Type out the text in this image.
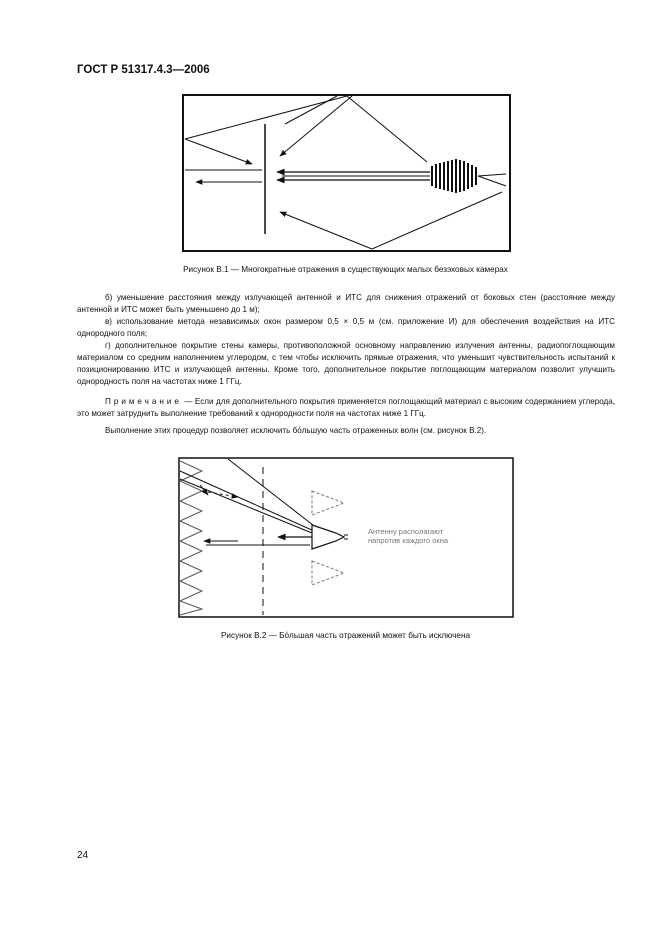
ГОСТ Р 51317.4.3—2006
Рисунок В.1 — Многократные отражения в существующих малых безэховых камерах
б) уменьшение расстояния между излучающей антенной и ИТС для снижения отражений от боковых стен (расстояние между антенной и ИТС может быть уменьшено до 1 м);
в) использование метода независимых окон размером 0,5 × 0,5 м (см. приложение И) для обеспечения воздействия на ИТС однородного поля;
г) дополнительное покрытие стены камеры, противоположной основному направлению излучения антенны, радиопоглощающим материалом со средним наполнением углеродом, с тем чтобы исключить прямые отражения, что уменьшит чувствительность испытаний к позиционированию ИТС и излучающей антенны. Кроме того, дополнительное покрытие поглощающим материалом позволит улучшить однородность поля на частотах ниже 1 ГГц.
Примечание — Если для дополнительного покрытия применяется поглощающий материал с высоким содержанием углерода, это может затруднить выполнение требований к однородности поля на частотах ниже 1 ГГц.
Выполнение этих процедур позволяет исключить бо́льшую часть отраженных волн (см. рисунок В.2).
Антенну располагают
напротив каждого окна
Рисунок В.2 — Бо́льшая часть отражений может быть исключена
24
